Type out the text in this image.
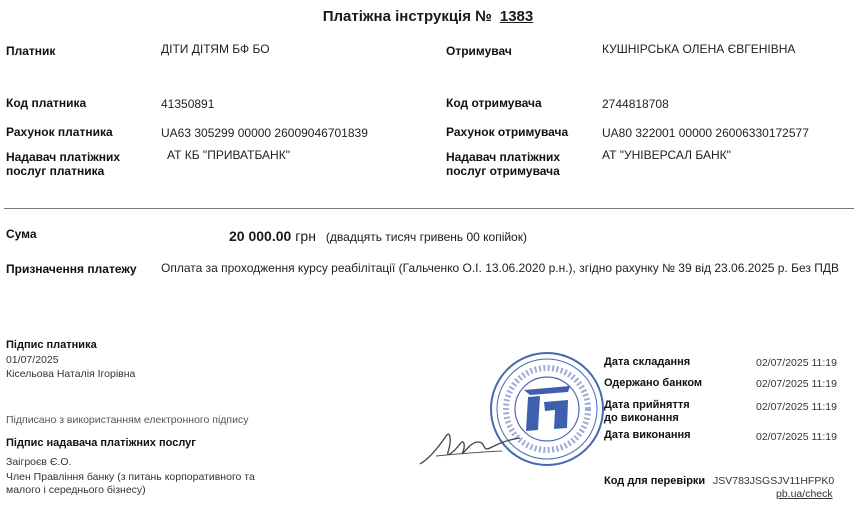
Платіжна інструкція № 1383
Платник	ДІТИ ДІТЯМ БФ БО
Код платника	41350891
Рахунок платника	UA63 305299 00000 26009046701839
Надавач платіжних
послуг платника
АТ КБ "ПРИВАТБАНК"
Отримувач	КУШНІРСЬКА ОЛЕНА ЄВГЕНІВНА
Код отримувача	2744818708
Рахунок отримувача	UA80 322001 00000 26006330172577
Надавач платіжних
послуг отримувача
АТ "УНІВЕРСАЛ БАНК"
Сума	20 000.00 грн (двадцять тисяч гривень 00 копійок)
Призначення платежу Оплата за проходження курсу реабілітації (Гальченко О.І. 13.06.2020 р.н.), згідно рахунку № 39 від 23.06.2025 р. Без ПДВ
Підпис платника
01/07/2025
Кісельова Наталія Ігорівна
Підписано з використанням електронного підпису
Підпис надавача платіжних послуг
Заігроєв Є.О.
Член Правління банку (з питань корпоративного та
малого і середнього бізнесу)
Дата складання	02/07/2025 11:19
Одержано банком	02/07/2025 11:19
Дата прийняття
до виконання
02/07/2025 11:19
Дата виконання	02/07/2025 11:19
Код для перевірки JSV783JSGSJV11HFPK0
pb.ua/check
